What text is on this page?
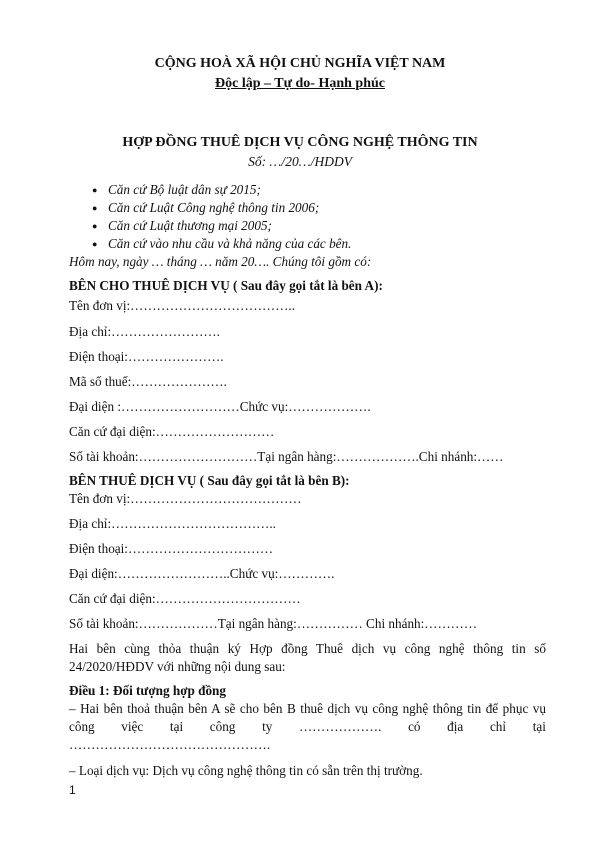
CỘNG HOÀ XÃ HỘI CHỦ NGHĨA VIỆT NAM
Độc lập – Tự do- Hạnh phúc
HỢP ĐỒNG THUÊ DỊCH VỤ CÔNG NGHỆ THÔNG TIN
Số: …/20…/HDDV
● Căn cứ Bộ luật dân sự 2015;
● Căn cứ Luật Công nghệ thông tin 2006;
● Căn cứ Luật thương mại 2005;
● Căn cứ vào nhu cầu và khả năng của các bên.
Hôm nay, ngày … tháng … năm 20…. Chúng tôi gồm có:
BÊN CHO THUÊ DỊCH VỤ ( Sau đây gọi tắt là bên A):
Tên đơn vị:………………………………..
Địa chỉ:…………………….
Điện thoại:………………….
Mã số thuế:………………….
Đại diện :………………………Chức vụ:……………….
Căn cứ đại diện:………………………
Số tài khoản:………………………Tại ngân hàng:……………….Chi nhánh:……
BÊN THUÊ DỊCH VỤ ( Sau đây gọi tắt là bên B):
Tên đơn vị:…………………………………
Địa chỉ:………………………………..
Điện thoại:……………………………
Đại diện:……………………..Chức vụ:………….
Căn cứ đại diện:……………………………
Số tài khoản:………………Tại ngân hàng:…………… Chi nhánh:…………
Hai bên cùng thỏa thuận ký Hợp đồng Thuê dịch vụ công nghệ thông tin số
24/2020/HĐDV với những nội dung sau:
Điều 1: Đối tượng hợp đồng
– Hai bên thoả thuận bên A sẽ cho bên B thuê dịch vụ công nghệ thông tin để phục vụ
công việc tại công ty ………………. có địa chỉ tại
……………………………………….
– Loại dịch vụ: Dịch vụ công nghệ thông tin có sẵn trên thị trường.
1
